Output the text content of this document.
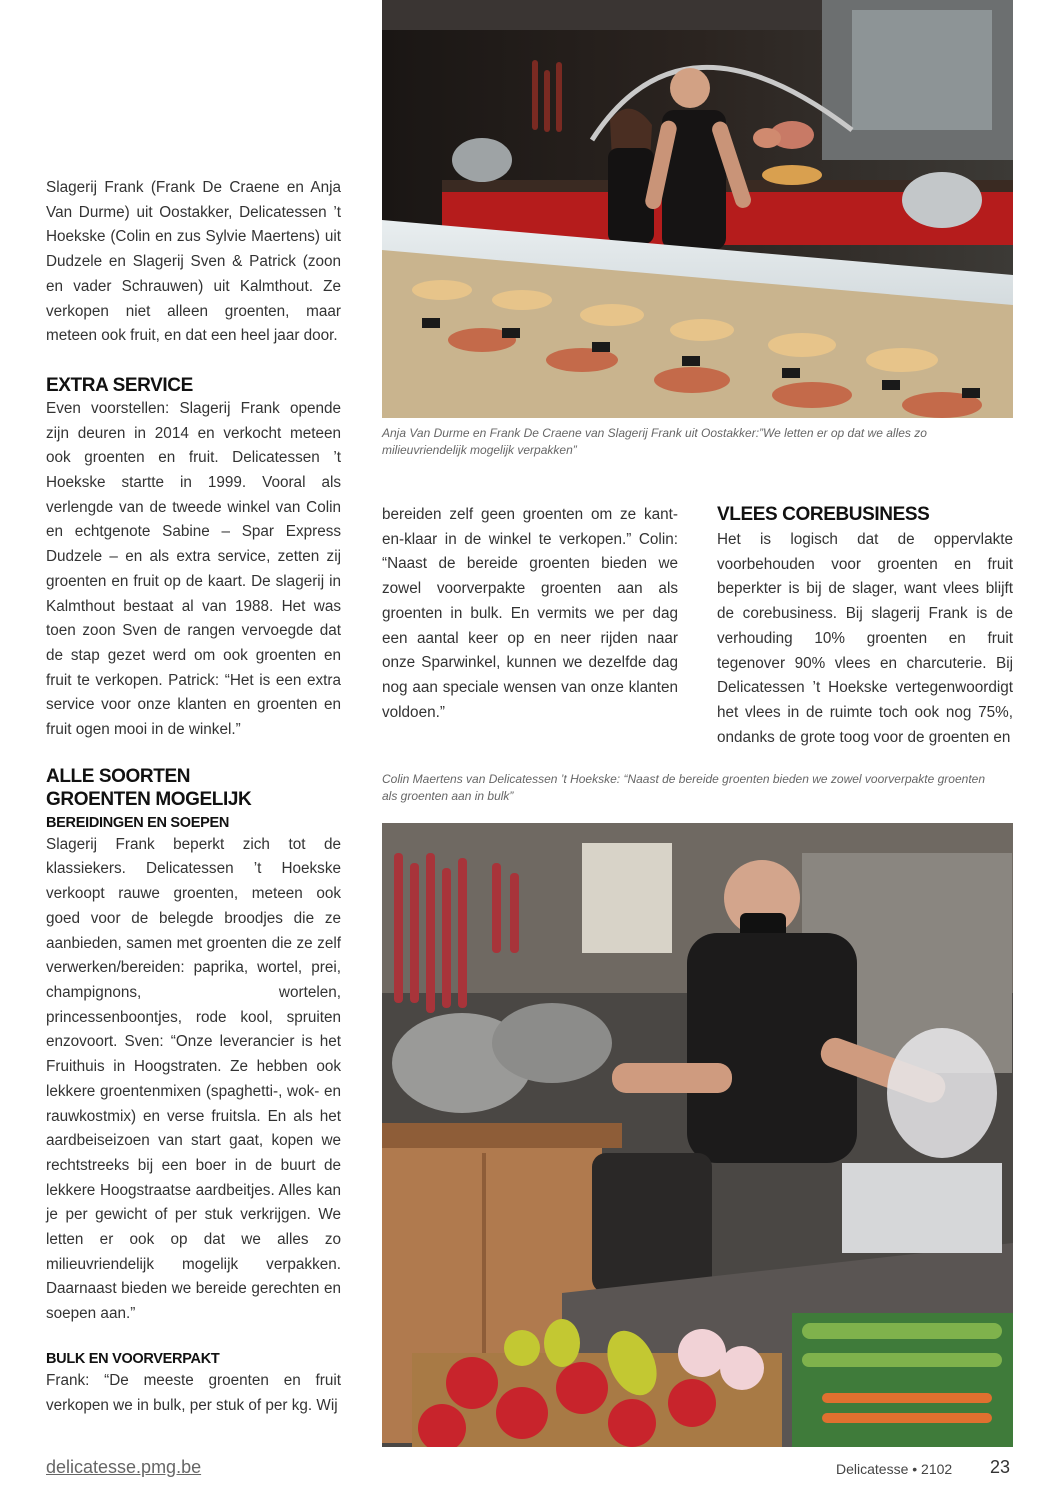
Slagerij Frank (Frank De Craene en Anja Van Durme) uit Oostakker, Delicatessen ’t Hoekske (Colin en zus Sylvie Maertens) uit Dudzele en Slagerij Sven & Patrick (zoon en vader Schrauwen) uit Kalmthout. Ze verkopen niet alleen groenten, maar meteen ook fruit, en dat een heel jaar door.

EXTRA SERVICE

Even voorstellen: Slagerij Frank opende zijn deuren in 2014 en verkocht meteen ook groenten en fruit. Delicatessen ’t Hoekske startte in 1999. Vooral als verlengde van de tweede winkel van Colin en echtgenote Sabine – Spar Express Dudzele – en als extra service, zetten zij groenten en fruit op de kaart. De slagerij in Kalmthout bestaat al van 1988. Het was toen zoon Sven de rangen vervoegde dat de stap gezet werd om ook groenten en fruit te verkopen. Patrick: “Het is een extra service voor onze klanten en groenten en fruit ogen mooi in de winkel.”

ALLE SOORTEN GROENTEN MOGELIJK
BEREIDINGEN EN SOEPEN

Slagerij Frank beperkt zich tot de klassiekers. Delicatessen ’t Hoekske verkoopt rauwe groenten, meteen ook goed voor de belegde broodjes die ze aanbieden, samen met groenten die ze zelf verwerken/bereiden: paprika, wortel, prei, champignons, wortelen, princessenboontjes, rode kool, spruiten enzovoort. Sven: “Onze leverancier is het Fruithuis in Hoogstraten. Ze hebben ook lekkere groentenmixen (spaghetti-, wok- en rauwkostmix) en verse fruitsla. En als het aardbeiseizoen van start gaat, kopen we rechtstreeks bij een boer in de buurt de lekkere Hoogstraatse aardbeitjes. Alles kan je per gewicht of per stuk verkrijgen. We letten er ook op dat we alles zo milieuvriendelijk mogelijk verpakken. Daarnaast bieden we bereide gerechten en soepen aan.”

BULK EN VOORVERPAKT

Frank: “De meeste groenten en fruit verkopen we in bulk, per stuk of per kg. Wij

bereiden zelf geen groenten om ze kant-en-klaar in de winkel te verkopen.” Colin: “Naast de bereide groenten bieden we zowel voorverpakte groenten aan als groenten in bulk. En vermits we per dag een aantal keer op en neer rijden naar onze Sparwinkel, kunnen we dezelfde dag nog aan speciale wensen van onze klanten voldoen.”

VLEES COREBUSINESS

Het is logisch dat de oppervlakte voorbehouden voor groenten en fruit beperkter is bij de slager, want vlees blijft de corebusiness. Bij slagerij Frank is de verhouding 10% groenten en fruit tegenover 90% vlees en charcuterie. Bij Delicatessen ’t Hoekske vertegenwoordigt het vlees in de ruimte toch ook nog 75%, ondanks de grote toog voor de groenten en

Anja Van Durme en Frank De Craene van Slagerij Frank uit Oostakker:”We letten er op dat we alles zo milieuvriendelijk mogelijk verpakken”
Colin Maertens van Delicatessen ’t Hoekske: “Naast de bereide groenten bieden we zowel voorverpakte groenten als groenten aan in bulk”
delicatesse.pmg.be	Delicatesse • 2102 23
